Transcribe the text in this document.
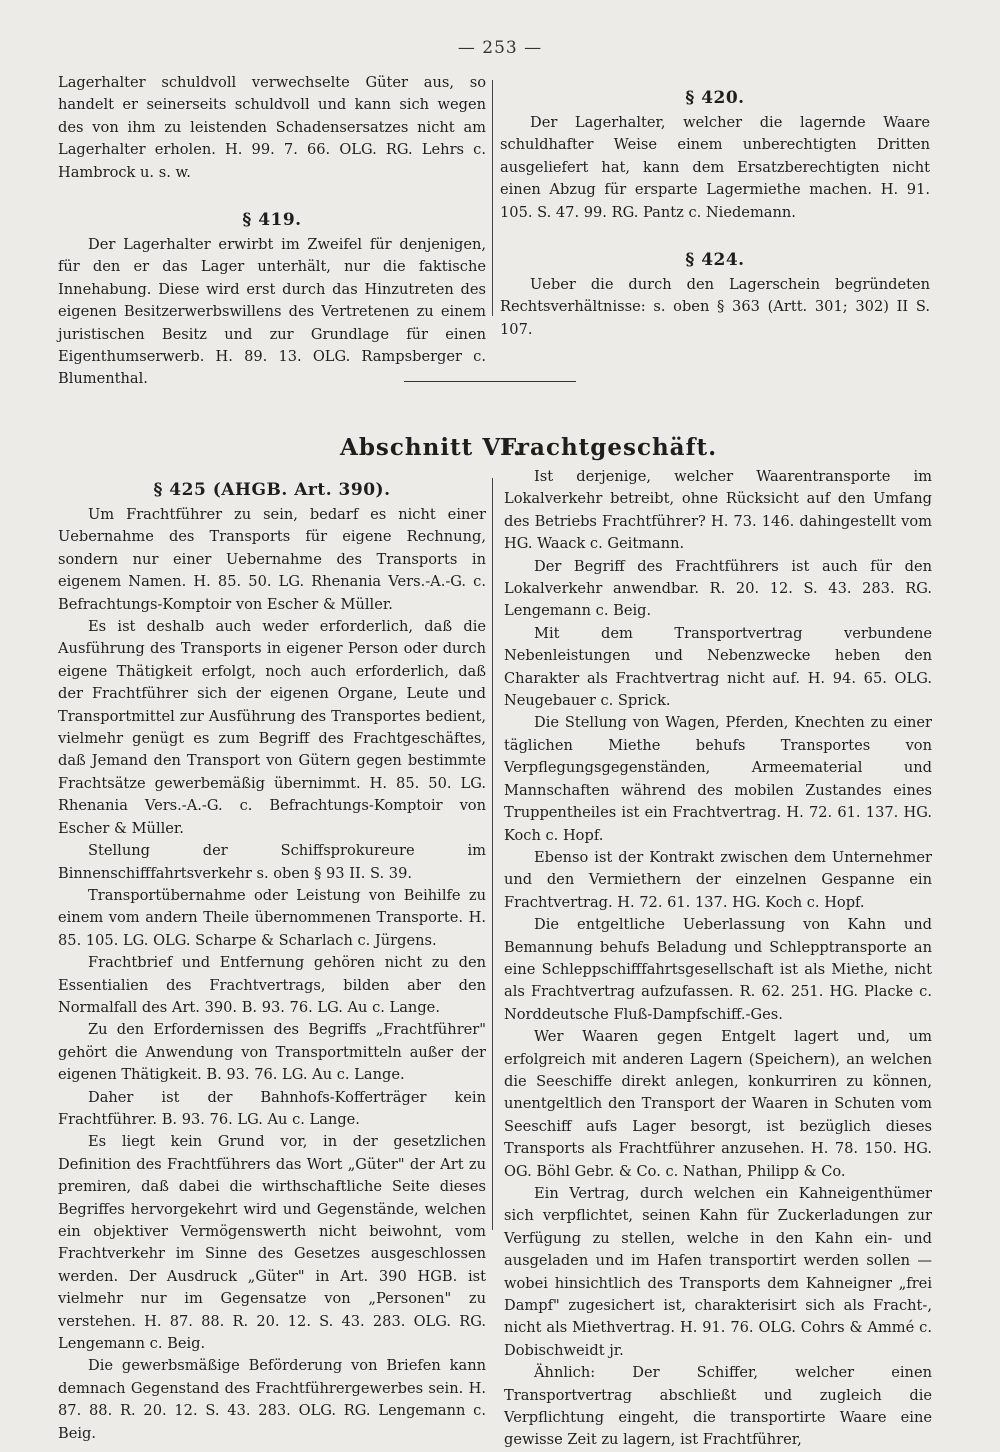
— 253 —

Lagerhalter schuldvoll verwechselte Güter aus, so handelt er seinerseits schuldvoll und kann sich wegen des von ihm zu leistenden Schadensersatzes nicht am Lagerhalter erholen. H. 99. 7. 66. OLG. RG. Lehrs c. Hambrock u. s. w.

§ 419.

Der Lagerhalter erwirbt im Zweifel für denjenigen, für den er das Lager unterhält, nur die faktische Innehabung. Diese wird erst durch das Hinzutreten des eigenen Besitzerwerbswillens des Vertretenen zu einem juristischen Besitz und zur Grundlage für einen Eigenthumserwerb. H. 89. 13. OLG. Rampsberger c. Blumenthal.

§ 420.

Der Lagerhalter, welcher die lagernde Waare schuldhafter Weise einem unberechtigten Dritten ausgeliefert hat, kann dem Ersatzberechtigten nicht einen Abzug für ersparte Lagermiethe machen. H. 91. 105. S. 47. 99. RG. Pantz c. Niedemann.

§ 424.

Ueber die durch den Lagerschein begründeten Rechtsverhältnisse: s. oben § 363 (Artt. 301; 302) II S. 107.

Abschnitt VI.
Frachtgeschäft.

§ 425 (AHGB. Art. 390).

Um Frachtführer zu sein, bedarf es nicht einer Uebernahme des Transports für eigene Rechnung, sondern nur einer Uebernahme des Transports in eigenem Namen. H. 85. 50. LG. Rhenania Vers.-A.-G. c. Befrachtungs-Komptoir von Escher & Müller.

Es ist deshalb auch weder erforderlich, daß die Ausführung des Transports in eigener Person oder durch eigene Thätigkeit erfolgt, noch auch erforderlich, daß der Frachtführer sich der eigenen Organe, Leute und Transportmittel zur Ausführung des Transportes bedient, vielmehr genügt es zum Begriff des Frachtgeschäftes, daß Jemand den Transport von Gütern gegen bestimmte Frachtsätze gewerbemäßig übernimmt. H. 85. 50. LG. Rhenania Vers.-A.-G. c. Befrachtungs-Komptoir von Escher & Müller.

Stellung der Schiffsprokureure im Binnenschifffahrtsverkehr s. oben § 93 II. S. 39.

Transportübernahme oder Leistung von Beihilfe zu einem vom andern Theile übernommenen Transporte. H. 85. 105. LG. OLG. Scharpe & Scharlach c. Jürgens.

Frachtbrief und Entfernung gehören nicht zu den Essentialien des Frachtvertrags, bilden aber den Normalfall des Art. 390. B. 93. 76. LG. Au c. Lange.

Zu den Erfordernissen des Begriffs „Frachtführer" gehört die Anwendung von Transportmitteln außer der eigenen Thätigkeit. B. 93. 76. LG. Au c. Lange.

Daher ist der Bahnhofs-Kofferträger kein Frachtführer. B. 93. 76. LG. Au c. Lange.

Es liegt kein Grund vor, in der gesetzlichen Definition des Frachtführers das Wort „Güter" der Art zu premiren, daß dabei die wirthschaftliche Seite dieses Begriffes hervorgekehrt wird und Gegenstände, welchen ein objektiver Vermögenswerth nicht beiwohnt, vom Frachtverkehr im Sinne des Gesetzes ausgeschlossen werden. Der Ausdruck „Güter" in Art. 390 HGB. ist vielmehr nur im Gegensatze von „Personen" zu verstehen. H. 87. 88. R. 20. 12. S. 43. 283. OLG. RG. Lengemann c. Beig.

Die gewerbsmäßige Beförderung von Briefen kann demnach Gegenstand des Frachtführergewerbes sein. H. 87. 88. R. 20. 12. S. 43. 283. OLG. RG. Lengemann c. Beig.

Ist derjenige, welcher Waarentransporte im Lokalverkehr betreibt, ohne Rücksicht auf den Umfang des Betriebs Frachtführer? H. 73. 146. dahingestellt vom HG. Waack c. Geitmann.

Der Begriff des Frachtführers ist auch für den Lokalverkehr anwendbar. R. 20. 12. S. 43. 283. RG. Lengemann c. Beig.

Mit dem Transportvertrag verbundene Nebenleistungen und Nebenzwecke heben den Charakter als Frachtvertrag nicht auf. H. 94. 65. OLG. Neugebauer c. Sprick.

Die Stellung von Wagen, Pferden, Knechten zu einer täglichen Miethe behufs Transportes von Verpflegungsgegenständen, Armeematerial und Mannschaften während des mobilen Zustandes eines Truppentheiles ist ein Frachtvertrag. H. 72. 61. 137. HG. Koch c. Hopf.

Ebenso ist der Kontrakt zwischen dem Unternehmer und den Vermiethern der einzelnen Gespanne ein Frachtvertrag. H. 72. 61. 137. HG. Koch c. Hopf.

Die entgeltliche Ueberlassung von Kahn und Bemannung behufs Beladung und Schlepptransporte an eine Schleppschifffahrtsgesellschaft ist als Miethe, nicht als Frachtvertrag aufzufassen. R. 62. 251. HG. Placke c. Norddeutsche Fluß-Dampfschiff.-Ges.

Wer Waaren gegen Entgelt lagert und, um erfolgreich mit anderen Lagern (Speichern), an welchen die Seeschiffe direkt anlegen, konkurriren zu können, unentgeltlich den Transport der Waaren in Schuten vom Seeschiff aufs Lager besorgt, ist bezüglich dieses Transports als Frachtführer anzusehen. H. 78. 150. HG. OG. Böhl Gebr. & Co. c. Nathan, Philipp & Co.

Ein Vertrag, durch welchen ein Kahneigenthümer sich verpflichtet, seinen Kahn für Zuckerladungen zur Verfügung zu stellen, welche in den Kahn ein- und ausgeladen und im Hafen transportirt werden sollen — wobei hinsichtlich des Transports dem Kahneigner „frei Dampf" zugesichert ist, charakterisirt sich als Fracht-, nicht als Miethvertrag. H. 91. 76. OLG. Cohrs & Ammé c. Dobischweidt jr.

Ähnlich: Der Schiffer, welcher einen Transportvertrag abschließt und zugleich die Verpflichtung eingeht, die transportirte Waare eine gewisse Zeit zu lagern, ist Frachtführer,
